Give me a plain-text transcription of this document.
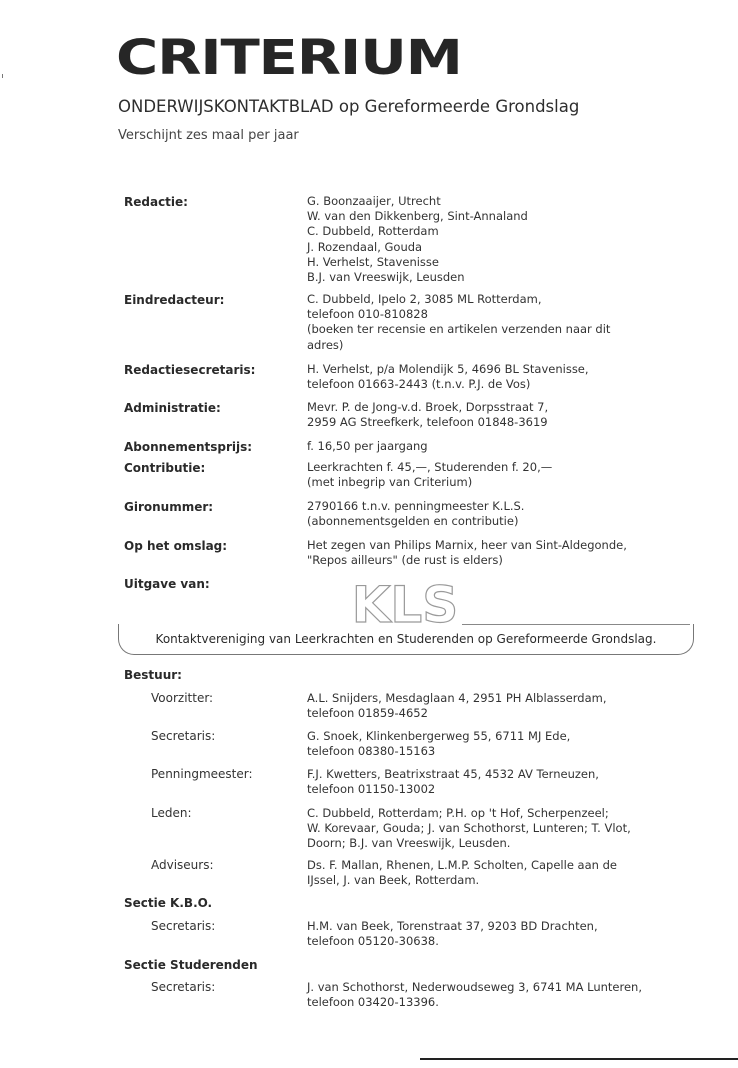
CRITERIUM
ONDERWIJSKONTAKTBLAD op Gereformeerde Grondslag
Verschijnt zes maal per jaar
Redactie:	G. Boonzaaijer, Utrecht
W. van den Dikkenberg, Sint-Annaland
C. Dubbeld, Rotterdam
J. Rozendaal, Gouda
H. Verhelst, Stavenisse
B.J. van Vreeswijk, Leusden
Eindredacteur:	C. Dubbeld, Ipelo 2, 3085 ML Rotterdam,
telefoon 010-810828
(boeken ter recensie en artikelen verzenden naar dit
adres)
Redactiesecretaris:	H. Verhelst, p/a Molendijk 5, 4696 BL Stavenisse,
telefoon 01663-2443 (t.n.v. P.J. de Vos)
Administratie:	Mevr. P. de Jong-v.d. Broek, Dorpsstraat 7,
2959 AG Streefkerk, telefoon 01848-3619
Abonnementsprijs:	f. 16,50 per jaargang
Contributie:	Leerkrachten f. 45,—, Studerenden f. 20,—
(met inbegrip van Criterium)
Gironummer:	2790166 t.n.v. penningmeester K.L.S.
(abonnementsgelden en contributie)
Op het omslag:	Het zegen van Philips Marnix, heer van Sint-Aldegonde,
"Repos ailleurs" (de rust is elders)
Uitgave van:	KLS
Kontaktvereniging van Leerkrachten en Studerenden op Gereformeerde Grondslag.
Bestuur:
Voorzitter:	A.L. Snijders, Mesdaglaan 4, 2951 PH Alblasserdam,
telefoon 01859-4652
Secretaris:	G. Snoek, Klinkenbergerweg 55, 6711 MJ Ede,
telefoon 08380-15163
Penningmeester:	F.J. Kwetters, Beatrixstraat 45, 4532 AV Terneuzen,
telefoon 01150-13002
Leden:	C. Dubbeld, Rotterdam; P.H. op 't Hof, Scherpenzeel;
W. Korevaar, Gouda; J. van Schothorst, Lunteren; T. Vlot,
Doorn; B.J. van Vreeswijk, Leusden.
Adviseurs:	Ds. F. Mallan, Rhenen, L.M.P. Scholten, Capelle aan de
IJssel, J. van Beek, Rotterdam.
Sectie K.B.O.
Secretaris:	H.M. van Beek, Torenstraat 37, 9203 BD Drachten,
telefoon 05120-30638.
Sectie Studerenden
Secretaris:	J. van Schothorst, Nederwoudseweg 3, 6741 MA Lunteren,
telefoon 03420-13396.
